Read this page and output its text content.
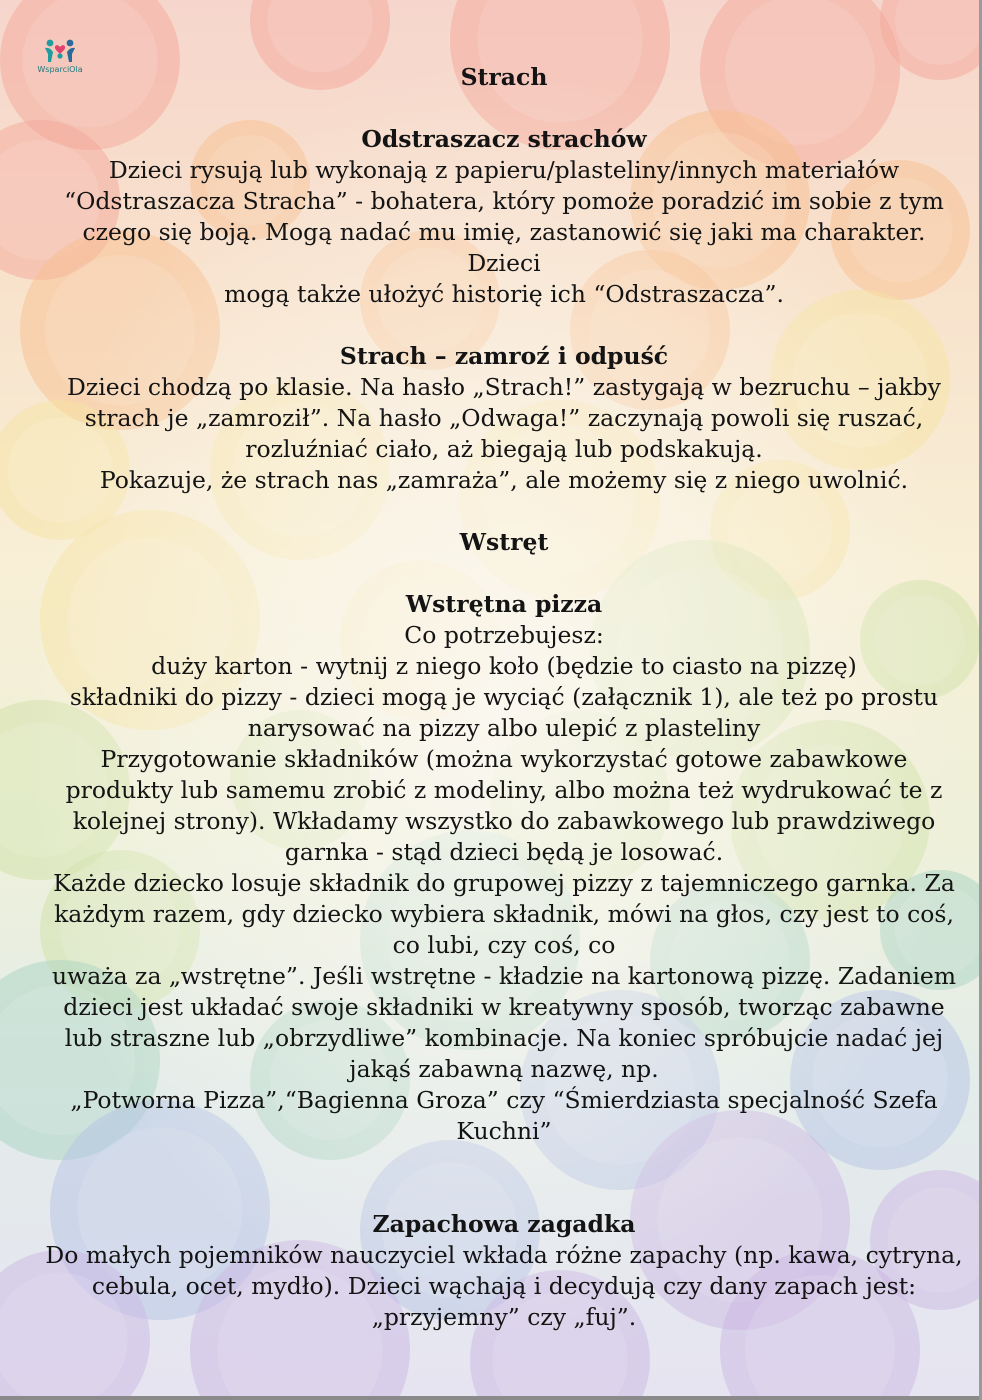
WsparciOla	Strach

Odstraszacz strachów

Dzieci rysują lub wykonają z papieru/plasteliny/innych materiałów

“Odstraszacza Stracha” - bohatera, który pomoże poradzić im sobie z tym

czego się boją. Mogą nadać mu imię, zastanowić się jaki ma charakter. Dzieci

mogą także ułożyć historię ich “Odstraszacza”.

Strach – zamroź i odpuść

Dzieci chodzą po klasie. Na hasło „Strach!” zastygają w bezruchu – jakby

strach je „zamroził”. Na hasło „Odwaga!” zaczynają powoli się ruszać,

rozluźniać ciało, aż biegają lub podskakują.

Pokazuje, że strach nas „zamraża”, ale możemy się z niego uwolnić.

Wstręt

Wstrętna pizza

Co potrzebujesz:

duży karton - wytnij z niego koło (będzie to ciasto na pizzę)

składniki do pizzy - dzieci mogą je wyciąć (załącznik 1), ale też po prostu

narysować na pizzy albo ulepić z plasteliny

Przygotowanie składników (można wykorzystać gotowe zabawkowe

produkty lub samemu zrobić z modeliny, albo można też wydrukować te z

kolejnej strony). Wkładamy wszystko do zabawkowego lub prawdziwego

garnka - stąd dzieci będą je losować.

Każde dziecko losuje składnik do grupowej pizzy z tajemniczego garnka. Za

każdym razem, gdy dziecko wybiera składnik, mówi na głos, czy jest to coś,

co lubi, czy coś, co

uważa za „wstrętne”. Jeśli wstrętne - kładzie na kartonową pizzę. Zadaniem

dzieci jest układać swoje składniki w kreatywny sposób, tworząc zabawne

lub straszne lub „obrzydliwe” kombinacje. Na koniec spróbujcie nadać jej

jakąś zabawną nazwę, np.

„Potworna Pizza”,“Bagienna Groza” czy “Śmierdziasta specjalność Szefa

Kuchni”

Zapachowa zagadka

Do małych pojemników nauczyciel wkłada różne zapachy (np. kawa, cytryna,

cebula, ocet, mydło). Dzieci wąchają i decydują czy dany zapach jest:

„przyjemny” czy „fuj”.
